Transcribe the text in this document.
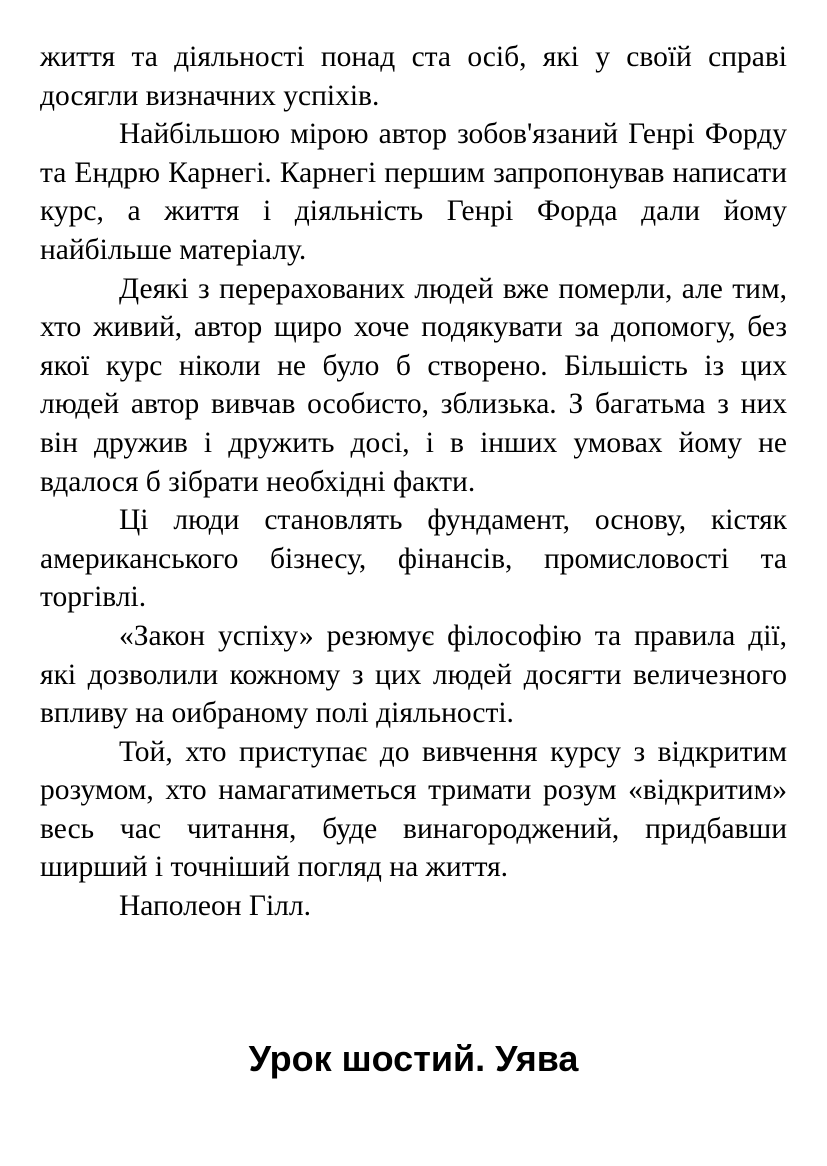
життя та діяльності понад ста осіб, які у своїй справі досягли визначних успіхів.

Найбільшою мірою автор зобов'язаний Генрі Форду та Ендрю Карнегі. Карнегі першим запропонував написати курс, а життя і діяльність Генрі Форда дали йому найбільше матеріалу.

Деякі з перерахованих людей вже померли, але тим, хто живий, автор щиро хоче подякувати за допомогу, без якої курс ніколи не було б створено. Більшість із цих людей автор вивчав особисто, зблизька. З багатьма з них він дружив і дружить досі, і в інших умовах йому не вдалося б зібрати необхідні факти.

Ці люди становлять фундамент, основу, кістяк американського бізнесу, фінансів, промисловості та торгівлі.

«Закон успіху» резюмує філософію та правила дії, які дозволили кожному з цих людей досягти величезного впливу на оибраному полі діяльності.

Той, хто приступає до вивчення курсу з відкритим розумом, хто намагатиметься тримати розум «відкритим» весь час читання, буде винагороджений, придбавши ширший і точніший погляд на життя.

Наполеон Гілл.

Урок шостий. Уява
